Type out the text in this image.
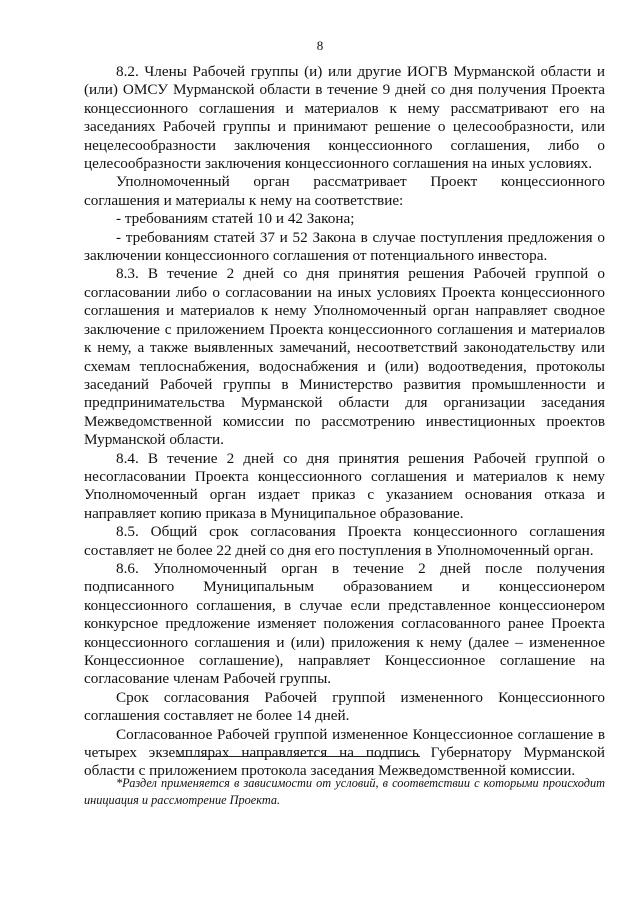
8

8.2. Члены Рабочей группы (и) или другие ИОГВ Мурманской области и (или) ОМСУ Мурманской области в течение 9 дней со дня получения Проекта концессионного соглашения и материалов к нему рассматривают его на заседаниях Рабочей группы и принимают решение о целесообразности, или нецелесообразности заключения концессионного соглашения, либо о целесообразности заключения концессионного соглашения на иных условиях.

Уполномоченный орган рассматривает Проект концессионного соглашения и материалы к нему на соответствие:

- требованиям статей 10 и 42 Закона;

- требованиям статей 37 и 52 Закона в случае поступления предложения о заключении концессионного соглашения от потенциального инвестора.

8.3. В течение 2 дней со дня принятия решения Рабочей группой о согласовании либо о согласовании на иных условиях Проекта концессионного соглашения и материалов к нему Уполномоченный орган направляет сводное заключение с приложением Проекта концессионного соглашения и материалов к нему, а также выявленных замечаний, несоответствий законодательству или схемам теплоснабжения, водоснабжения и (или) водоотведения, протоколы заседаний Рабочей группы в Министерство развития промышленности и предпринимательства Мурманской области для организации заседания Межведомственной комиссии по рассмотрению инвестиционных проектов Мурманской области.

8.4. В течение 2 дней со дня принятия решения Рабочей группой о несогласовании Проекта концессионного соглашения и материалов к нему Уполномоченный орган издает приказ с указанием основания отказа и направляет копию приказа в Муниципальное образование.

8.5. Общий срок согласования Проекта концессионного соглашения составляет не более 22 дней со дня его поступления в Уполномоченный орган.

8.6. Уполномоченный орган в течение 2 дней после получения подписанного Муниципальным образованием и концессионером концессионного соглашения, в случае если представленное концессионером конкурсное предложение изменяет положения согласованного ранее Проекта концессионного соглашения и (или) приложения к нему (далее – измененное Концессионное соглашение), направляет Концессионное соглашение на согласование членам Рабочей группы.

Срок согласования Рабочей группой измененного Концессионного соглашения составляет не более 14 дней.

Согласованное Рабочей группой измененное Концессионное соглашение в четырех экземплярах направляется на подпись Губернатору Мурманской области с приложением протокола заседания Межведомственной комиссии.

*Раздел применяется в зависимости от условий, в соответствии с которыми происходит инициация и рассмотрение Проекта.
